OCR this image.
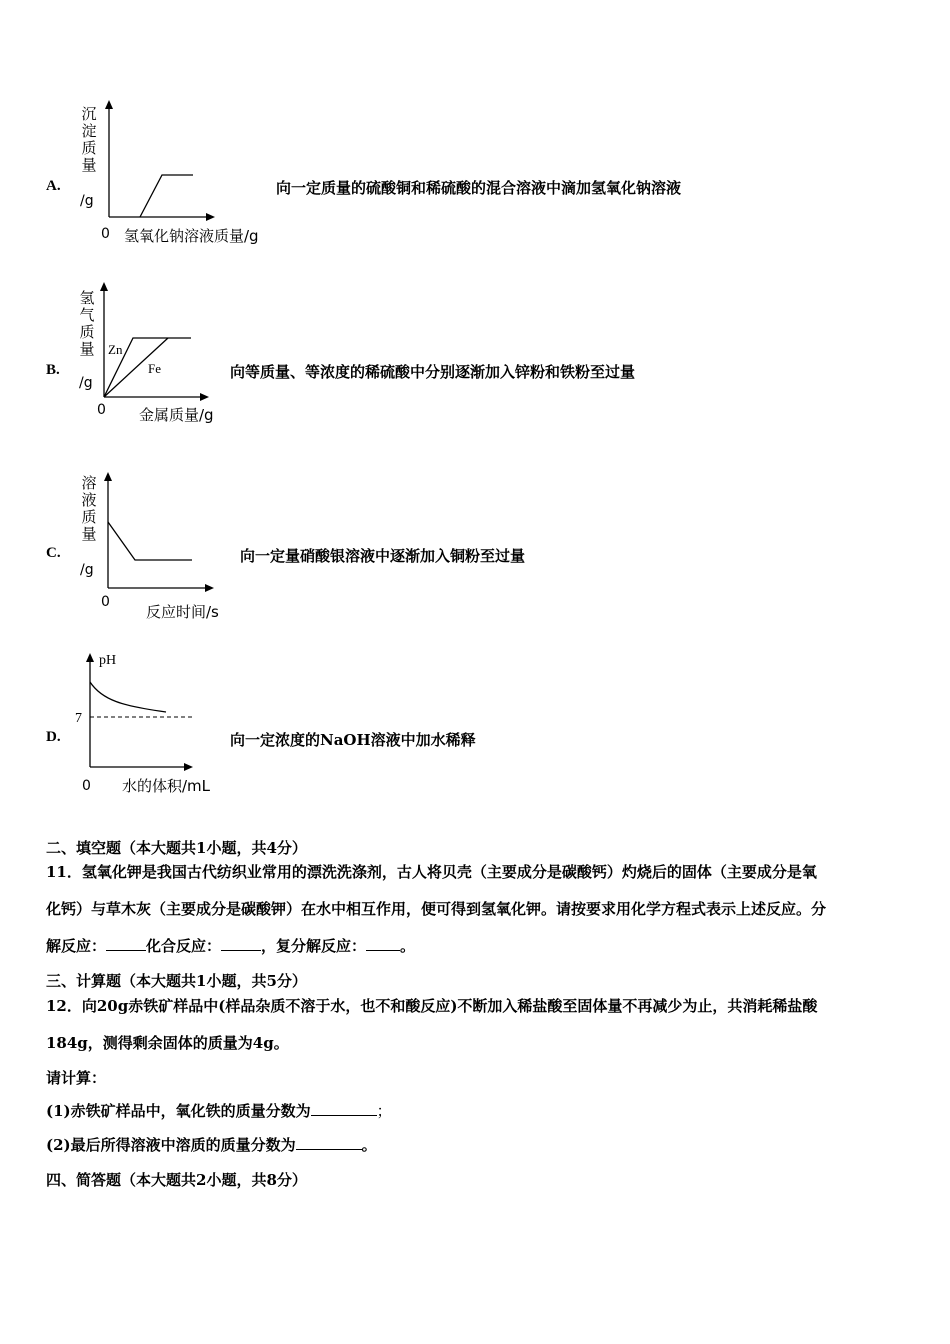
A.
沉淀质量
/g
0 氢氧化钠溶液质量/g
向一定质量的硫酸铜和稀硫酸的混合溶液中滴加氢氧化钠溶液
B.
氢气质量
/g
0 金属质量/g
Zn
Fe	向等质量、等浓度的稀硫酸中分别逐渐加入锌粉和铁粉至过量
C.
溶液质量
/g
0
反应时间/s
向一定量硝酸银溶液中逐渐加入铜粉至过量
D.
pH
7
0 水的体积/mL
向一定浓度的NaOH溶液中加水稀释
二、填空题（本大题共1小题，共4分）
11．氢氧化钾是我国古代纺织业常用的漂洗洗涤剂，古人将贝壳（主要成分是碳酸钙）灼烧后的固体（主要成分是氧
化钙）与草木灰（主要成分是碳酸钾）在水中相互作用，便可得到氢氧化钾。请按要求用化学方程式表示上述反应。分
解反应：	化合反应：	，复分解反应： 。
三、计算题（本大题共1小题，共5分）
12．向20g赤铁矿样品中(样品杂质不溶于水，也不和酸反应)不断加入稀盐酸至固体量不再减少为止，共消耗稀盐酸
184g，测得剩余固体的质量为4g。
请计算：
(1)赤铁矿样品中，氧化铁的质量分数为	；
(2)最后所得溶液中溶质的质量分数为	。
四、简答题（本大题共2小题，共8分）
